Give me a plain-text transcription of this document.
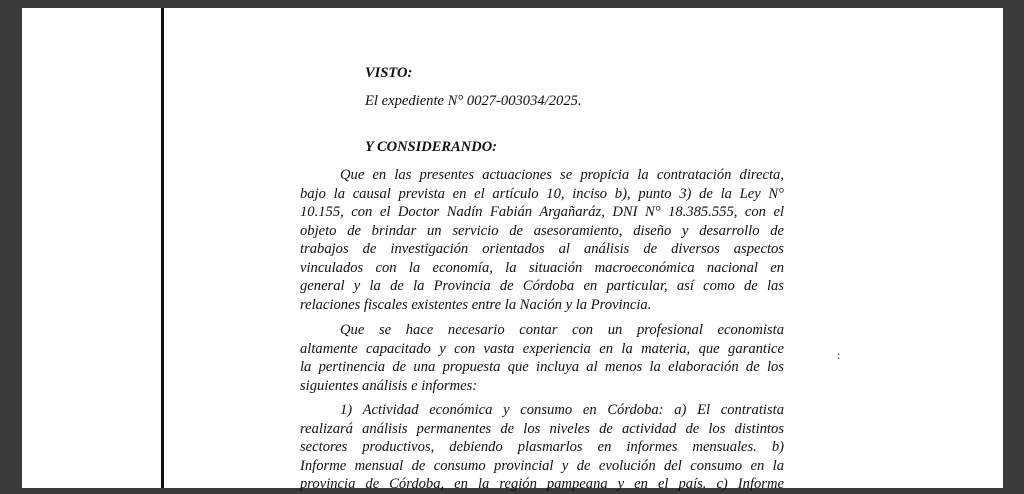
VISTO:
El expediente N° 0027-003034/2025.
Y CONSIDERANDO:
Que en las presentes actuaciones se propicia la contratación directa,
bajo la causal prevista en el artículo 10, inciso b), punto 3) de la Ley N°
10.155, con el Doctor Nadín Fabián Argañaráz, DNI N° 18.385.555, con el
objeto de brindar un servicio de asesoramiento, diseño y desarrollo de
trabajos de investigación orientados al análisis de diversos aspectos
vinculados con la economía, la situación macroeconómica nacional en
general y la de la Provincia de Córdoba en particular, así como de las
relaciones fiscales existentes entre la Nación y la Provincia.
Que se hace necesario contar con un profesional economista
altamente capacitado y con vasta experiencia en la materia, que garantice
la pertinencia de una propuesta que incluya al menos la elaboración de los
siguientes análisis e informes:
1) Actividad económica y consumo en Córdoba: a) El contratista
realizará análisis permanentes de los niveles de actividad de los distintos
sectores productivos, debiendo plasmarlos en informes mensuales. b)
Informe mensual de consumo provincial y de evolución del consumo en la
provincia de Córdoba, en la región pampeana y en el país. c) Informe
:
